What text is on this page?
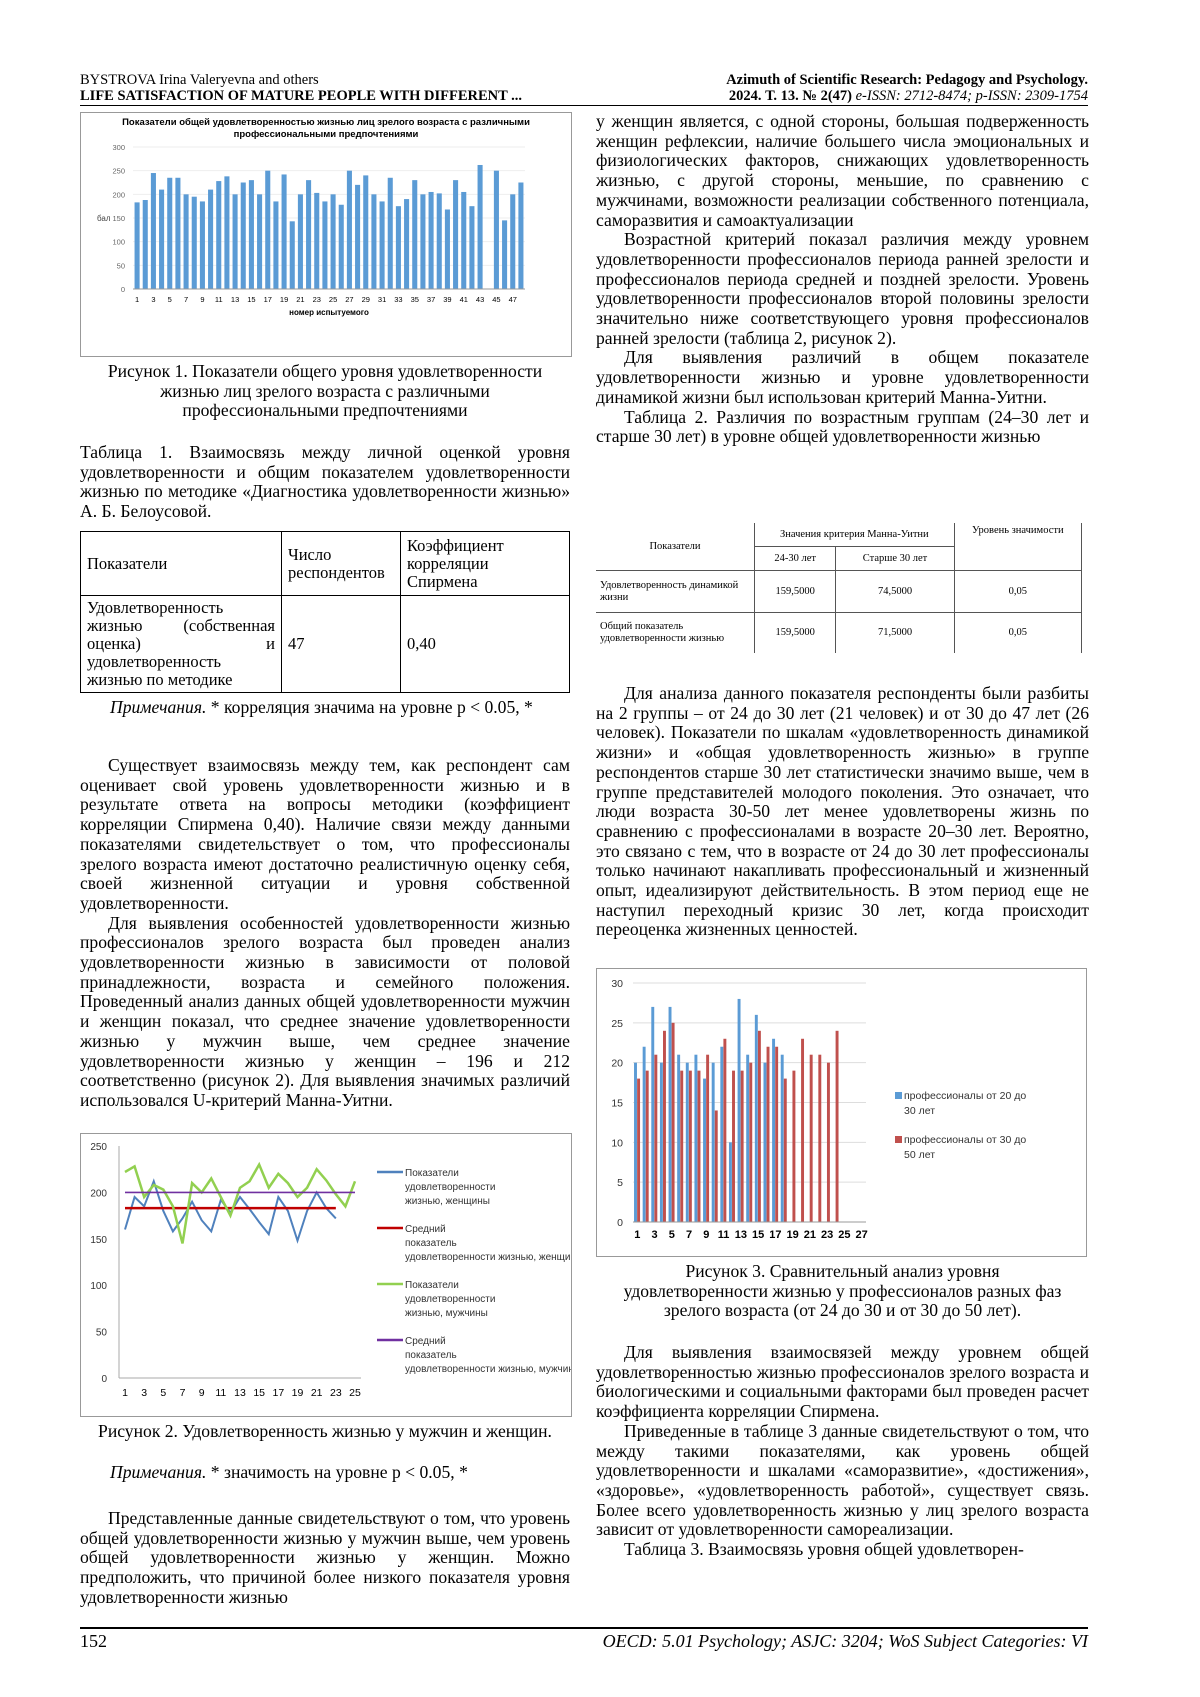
BYSTROVA Irina Valeryevna and others
LIFE SATISFACTION OF MATURE PEOPLE WITH DIFFERENT ...
Azimuth of Scientific Research: Pedagogy and Psychology.
2024. Т. 13. № 2(47) e-ISSN: 2712-8474; p-ISSN: 2309-1754
Показатели общей удовлетворенностью жизнью лиц зрелого возраста с различными
профессиональными предпочтениями
0
50
100
150
200
250
300
бал
1 3 5 7 9 11 13 15 17 19 21 23 25 27 29 31 33 35 37 39 41 43 45 47
номер испытуемого
Рисунок 1. Показатели общего уровня удовлетворенности жизнью лиц зрелого возраста с различными профессиональными предпочтениями
Таблица 1. Взаимосвязь между личной оценкой уровня удовлетворенности и общим показателем удовлетворенности жизнью по методике «Диагностика удовлетворенности жизнью» А. Б. Белоусовой.
Показатели	Число респондентов	Коэффициент корреляции Спирмена
Удовлетворенность жизнью (собственная оценка) и удовлетворенность жизнью по методике	47	0,40
Примечания. * корреляция значима на уровне p < 0.05, *

Существует взаимосвязь между тем, как респондент сам оценивает свой уровень удовлетворенности жизнью и в результате ответа на вопросы методики (коэффициент корреляции Спирмена 0,40). Наличие связи между данными показателями свидетельствует о том, что профессионалы зрелого возраста имеют достаточно реалистичную оценку себя, своей жизненной ситуации и уровня собственной удовлетворенности.

Для выявления особенностей удовлетворенности жизнью профессионалов зрелого возраста был проведен анализ удовлетворенности жизнью в зависимости от половой принадлежности, возраста и семейного положения. Проведенный анализ данных общей удовлетворенности мужчин и женщин показал, что среднее значение удовлетворенности жизнью у мужчин выше, чем среднее значение удовлетворенности жизнью у женщин – 196 и 212 соответственно (рисунок 2). Для выявления значимых различий использовался U-критерий Манна-Уитни.

0
50
100
150
200
250
1 3 5 7 9 11 13 15 17 19 21 23 25
Показатели
удовлетворенности
жизнью, женщины
Средний
показатель
удовлетворенности жизнью, женщины
Показатели
удовлетворенности
жизнью, мужчины
Средний
показатель
удовлетворенности жизнью, мужчины
Рисунок 2. Удовлетворенность жизнью у мужчин и женщин.
Примечания. * значимость на уровне p < 0.05, *

Представленные данные свидетельствуют о том, что уровень общей удовлетворенности жизнью у мужчин выше, чем уровень общей удовлетворенности жизнью у женщин. Можно предположить, что причиной более низкого показателя уровня удовлетворенности жизнью

у женщин является, с одной стороны, большая подверженность женщин рефлексии, наличие большего числа эмоциональных и физиологических факторов, снижающих удовлетворенность жизнью, с другой стороны, меньшие, по сравнению с мужчинами, возможности реализации собственного потенциала, саморазвития и самоактуализации

Возрастной критерий показал различия между уровнем удовлетворенности профессионалов периода ранней зрелости и профессионалов периода средней и поздней зрелости. Уровень удовлетворенности профессионалов второй половины зрелости значительно ниже соответствующего уровня профессионалов ранней зрелости (таблица 2, рисунок 2).

Для выявления различий в общем показателе удовлетворенности жизнью и уровне удовлетворенности динамикой жизни был использован критерий Манна-Уитни.

Таблица 2. Различия по возрастным группам (24–30 лет и старше 30 лет) в уровне общей удовлетворенности жизнью

Показатели	Значения критерия Манна-Уитни		Уровень значимости
	24-30 лет	Старше 30 лет	
Удовлетворенность динамикой жизни	159,5000	74,5000	0,05
Общий показатель удовлетворенности жизнью	159,5000	71,5000	0,05

Для анализа данного показателя респонденты были разбиты на 2 группы – от 24 до 30 лет (21 человек) и от 30 до 47 лет (26 человек). Показатели по шкалам «удовлетворенность динамикой жизни» и «общая удовлетворенность жизнью» в группе респондентов старше 30 лет статистически значимо выше, чем в группе представителей молодого поколения. Это означает, что люди возраста 30-50 лет менее удовлетворены жизнь по сравнению с профессионалами в возрасте 20–30 лет. Вероятно, это связано с тем, что в возрасте от 24 до 30 лет профессионалы только начинают накапливать профессиональный и жизненный опыт, идеализируют действительность. В этом период еще не наступил переходный кризис 30 лет, когда происходит переоценка жизненных ценностей.

0
5
10
15
20
25
30
1 3 5 7 9 11 13 15 17 19 21 23 25 27
профессионалы от 20 до
30 лет
профессионалы от 30 до
50 лет
Рисунок 3. Сравнительный анализ уровня удовлетворенности жизнью у профессионалов разных фаз зрелого возраста (от 24 до 30 и от 30 до 50 лет).

Для выявления взаимосвязей между уровнем общей удовлетворенностью жизнью профессионалов зрелого возраста и биологическими и социальными факторами был проведен расчет коэффициента корреляции Спирмена.

Приведенные в таблице 3 данные свидетельствуют о том, что между такими показателями, как уровень общей удовлетворенности и шкалами «саморазвитие», «достижения», «здоровье», «удовлетворенность работой», существует связь. Более всего удовлетворенность жизнью у лиц зрелого возраста зависит от удовлетворенности самореализации.

Таблица 3. Взаимосвязь уровня общей удовлетворен-

152	OECD: 5.01 Psychology; ASJC: 3204; WoS Subject Categories: VI
